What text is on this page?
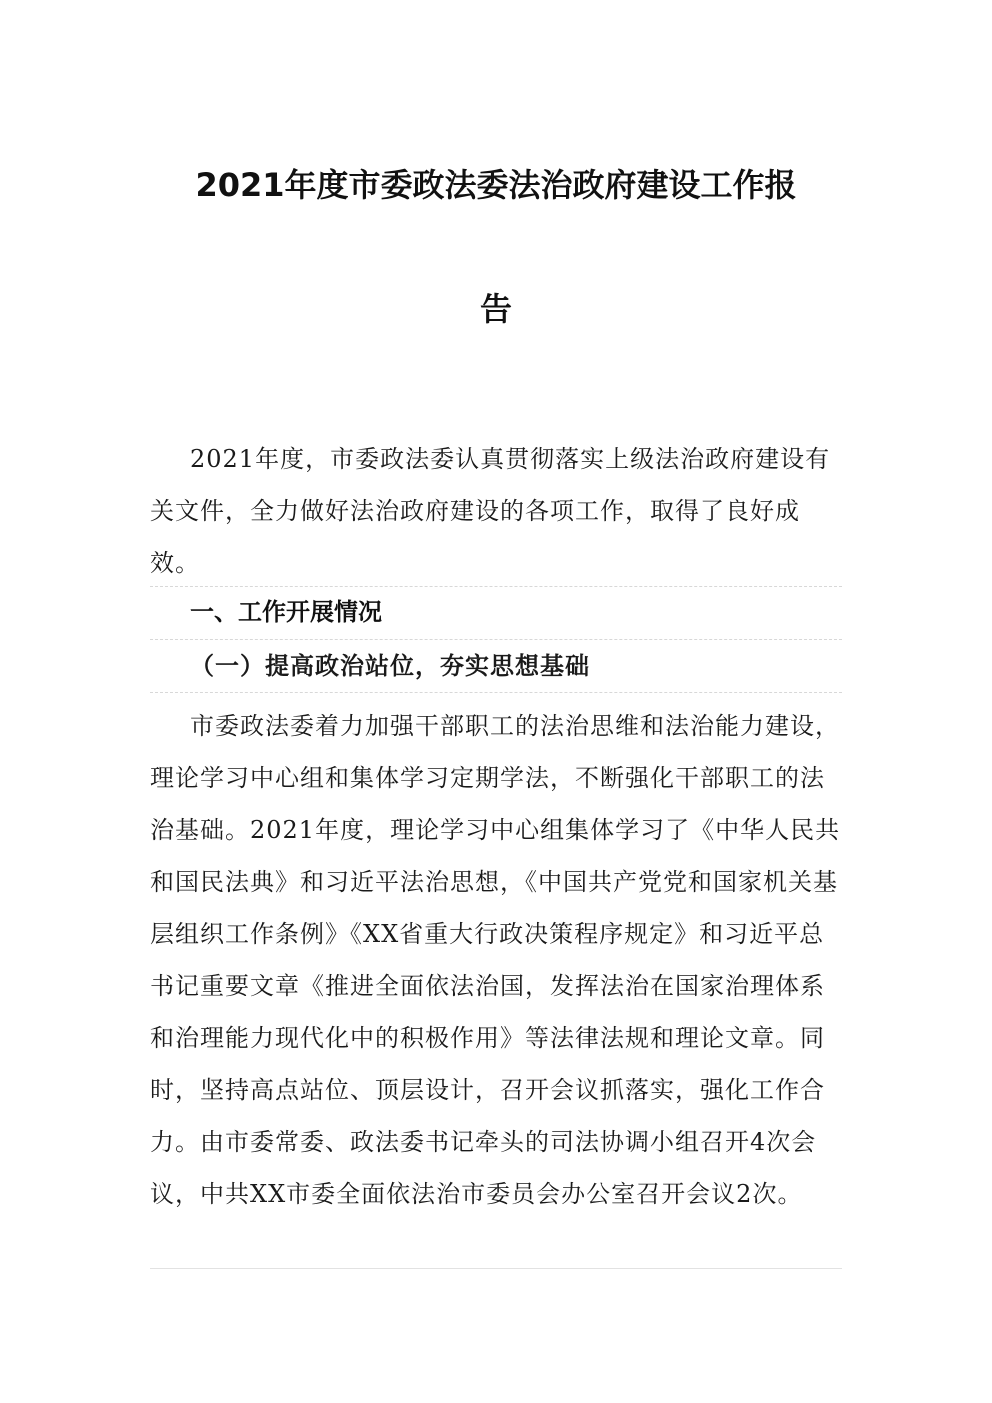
2021年度市委政法委法治政府建设工作报
告

2021年度，市委政法委认真贯彻落实上级法治政府建设有关文件，全力做好法治政府建设的各项工作，取得了良好成效。

一、工作开展情况
（一）提高政治站位，夯实思想基础

市委政法委着力加强干部职工的法治思维和法治能力建设，理论学习中心组和集体学习定期学法，不断强化干部职工的法治基础。2021年度，理论学习中心组集体学习了《中华人民共和国民法典》和习近平法治思想，《中国共产党党和国家机关基层组织工作条例》《XX省重大行政决策程序规定》和习近平总书记重要文章《推进全面依法治国，发挥法治在国家治理体系和治理能力现代化中的积极作用》等法律法规和理论文章。同时，坚持高点站位、顶层设计，召开会议抓落实，强化工作合力。由市委常委、政法委书记牵头的司法协调小组召开4次会议，中共XX市委全面依法治市委员会办公室召开会议2次。
